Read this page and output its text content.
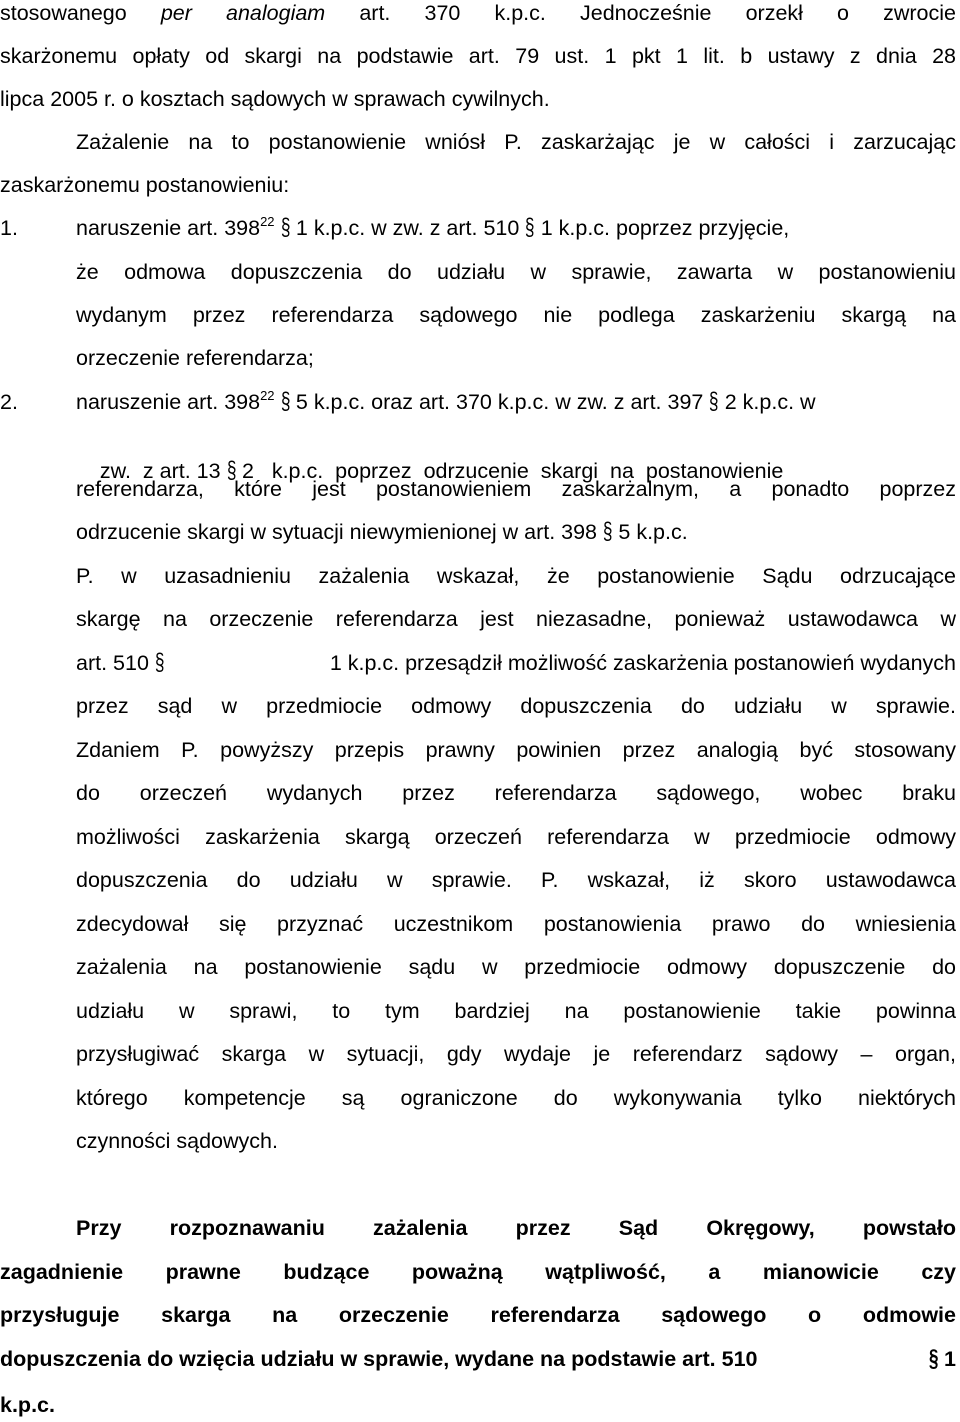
stosowanego per analogiam art. 370 k.p.c. Jednocześnie orzekł o zwrocie
skarżonemu opłaty od skargi na podstawie art. 79 ust. 1 pkt 1 lit. b ustawy z dnia 28
lipca 2005 r. o kosztach sądowych w sprawach cywilnych.
Zażalenie na to postanowienie wniósł P. zaskarżając je w całości i zarzucając
zaskarżonemu postanowieniu:
1.	naruszenie art. $398^{22}$ § 1 k.p.c. w zw. z art. 510 § 1 k.p.c. poprzez przyjęcie,
że odmowa dopuszczenia do udziału w sprawie, zawarta w postanowieniu
wydanym przez referendarza sądowego nie podlega zaskarżeniu skargą na
orzeczenie referendarza;
2.	naruszenie art. $398^{22}$ § 5 k.p.c. oraz art. 370 k.p.c. w zw. z art. 397 § 2 k.p.c. w

zw.  z art. 13 § 2   k.p.c.  poprzez  odrzucenie  skargi  na  postanowienie

referendarza, które jest postanowieniem zaskarżalnym, a ponadto poprzez
odrzucenie skargi w sytuacji niewymienionej w art. 398 § 5 k.p.c.
P. w uzasadnieniu zażalenia wskazał, że postanowienie Sądu odrzucające
skargę na orzeczenie referendarza jest niezasadne, ponieważ ustawodawca w
art. 510 §	1 k.p.c. przesądził możliwość zaskarżenia postanowień wydanych
przez sąd w przedmiocie odmowy dopuszczenia do udziału w sprawie.
Zdaniem P. powyższy przepis prawny powinien przez analogią być stosowany
do orzeczeń wydanych przez referendarza sądowego, wobec braku
możliwości zaskarżenia skargą orzeczeń referendarza w przedmiocie odmowy
dopuszczenia do udziału w sprawie. P. wskazał, iż skoro ustawodawca
zdecydował się przyznać uczestnikom postanowienia prawo do wniesienia
zażalenia na postanowienie sądu w przedmiocie odmowy dopuszczenie do
udziału w sprawi, to tym bardziej na postanowienie takie powinna
przysługiwać skarga w sytuacji, gdy wydaje je referendarz sądowy – organ,
którego kompetencje są ograniczone do wykonywania tylko niektórych
czynności sądowych.
Przy rozpoznawaniu zażalenia przez Sąd Okręgowy, powstało
zagadnienie prawne budzące poważną wątpliwość, a mianowicie czy
przysługuje skarga na orzeczenie referendarza sądowego o odmowie
dopuszczenia do wzięcia udziału w sprawie, wydane na podstawie art. 510	§ 1
k.p.c.
